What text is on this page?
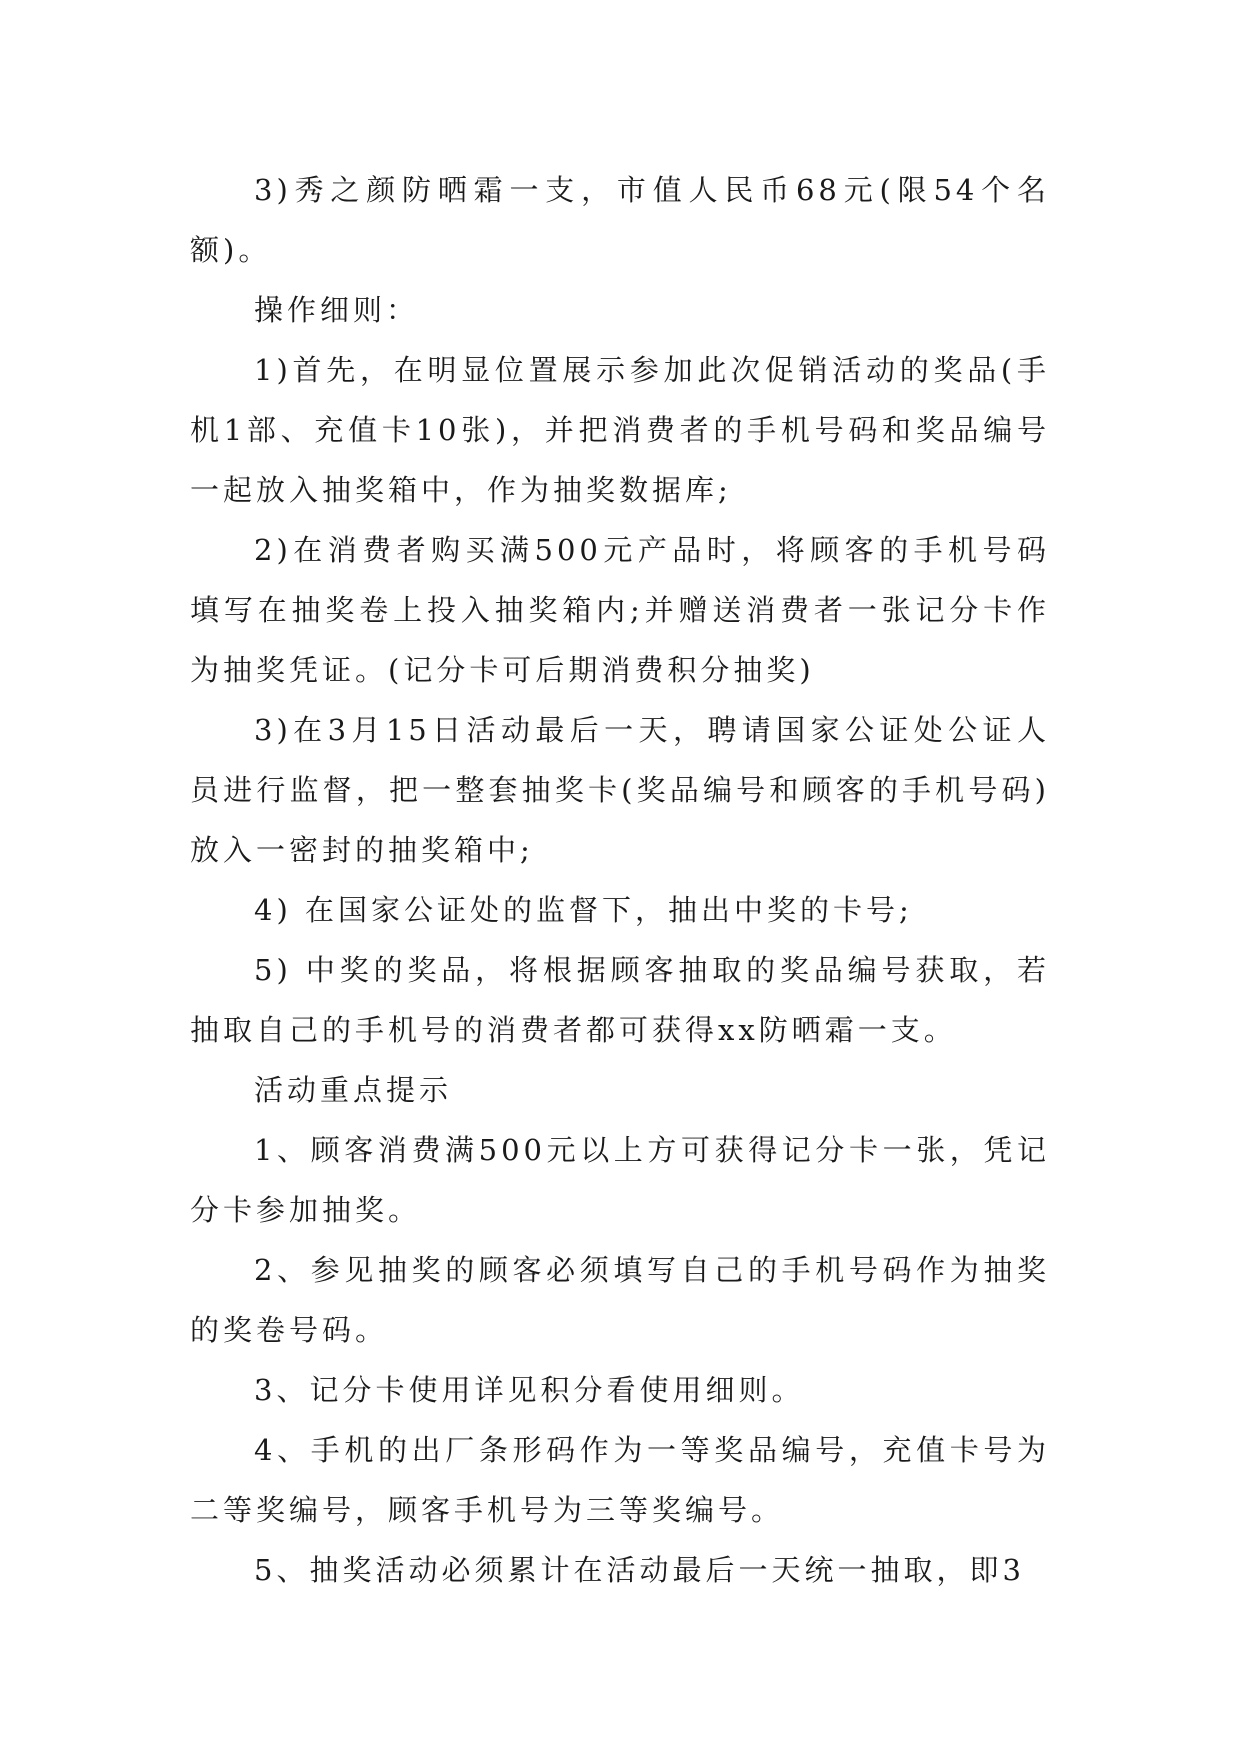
3)秀之颜防晒霜一支，市值人民币68元(限54个名额)。

操作细则：

1)首先，在明显位置展示参加此次促销活动的奖品(手机1部、充值卡10张)，并把消费者的手机号码和奖品编号一起放入抽奖箱中，作为抽奖数据库;

2)在消费者购买满500元产品时，将顾客的手机号码填写在抽奖卷上投入抽奖箱内;并赠送消费者一张记分卡作为抽奖凭证。(记分卡可后期消费积分抽奖)

3)在3月15日活动最后一天，聘请国家公证处公证人员进行监督，把一整套抽奖卡(奖品编号和顾客的手机号码)放入一密封的抽奖箱中;

4) 在国家公证处的监督下，抽出中奖的卡号;

5) 中奖的奖品，将根据顾客抽取的奖品编号获取，若抽取自己的手机号的消费者都可获得xx防晒霜一支。

活动重点提示

1、顾客消费满500元以上方可获得记分卡一张，凭记分卡参加抽奖。

2、参见抽奖的顾客必须填写自己的手机号码作为抽奖的奖卷号码。

3、记分卡使用详见积分看使用细则。

4、手机的出厂条形码作为一等奖品编号，充值卡号为二等奖编号，顾客手机号为三等奖编号。

5、抽奖活动必须累计在活动最后一天统一抽取，即3
